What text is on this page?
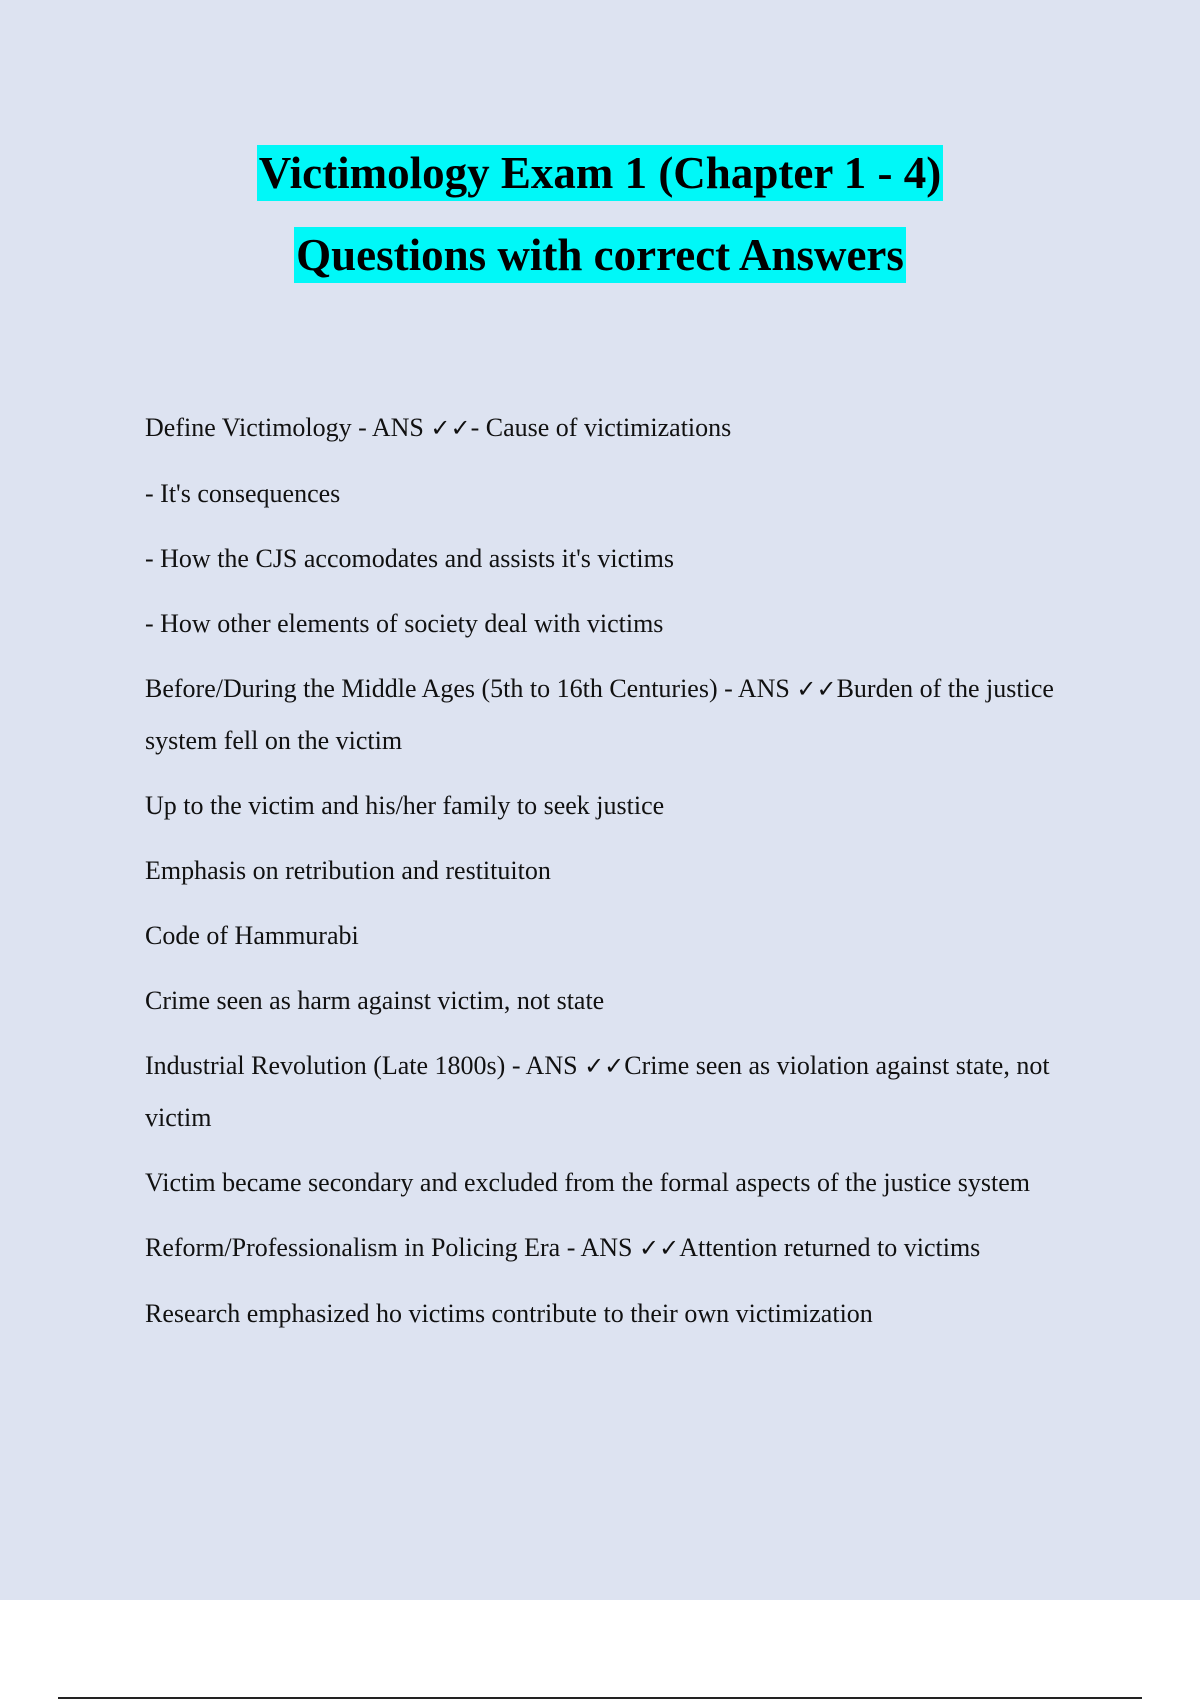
Victimology Exam 1 (Chapter 1 - 4)
Questions with correct Answers

Define Victimology - ANS ✓✓- Cause of victimizations

- It's consequences

- How the CJS accomodates and assists it's victims

- How other elements of society deal with victims

Before/During the Middle Ages (5th to 16th Centuries) - ANS ✓✓Burden of the justice system fell on the victim

Up to the victim and his/her family to seek justice

Emphasis on retribution and restituiton

Code of Hammurabi

Crime seen as harm against victim, not state

Industrial Revolution (Late 1800s) - ANS ✓✓Crime seen as violation against state, not victim

Victim became secondary and excluded from the formal aspects of the justice system

Reform/Professionalism in Policing Era - ANS ✓✓Attention returned to victims

Research emphasized ho victims contribute to their own victimization
